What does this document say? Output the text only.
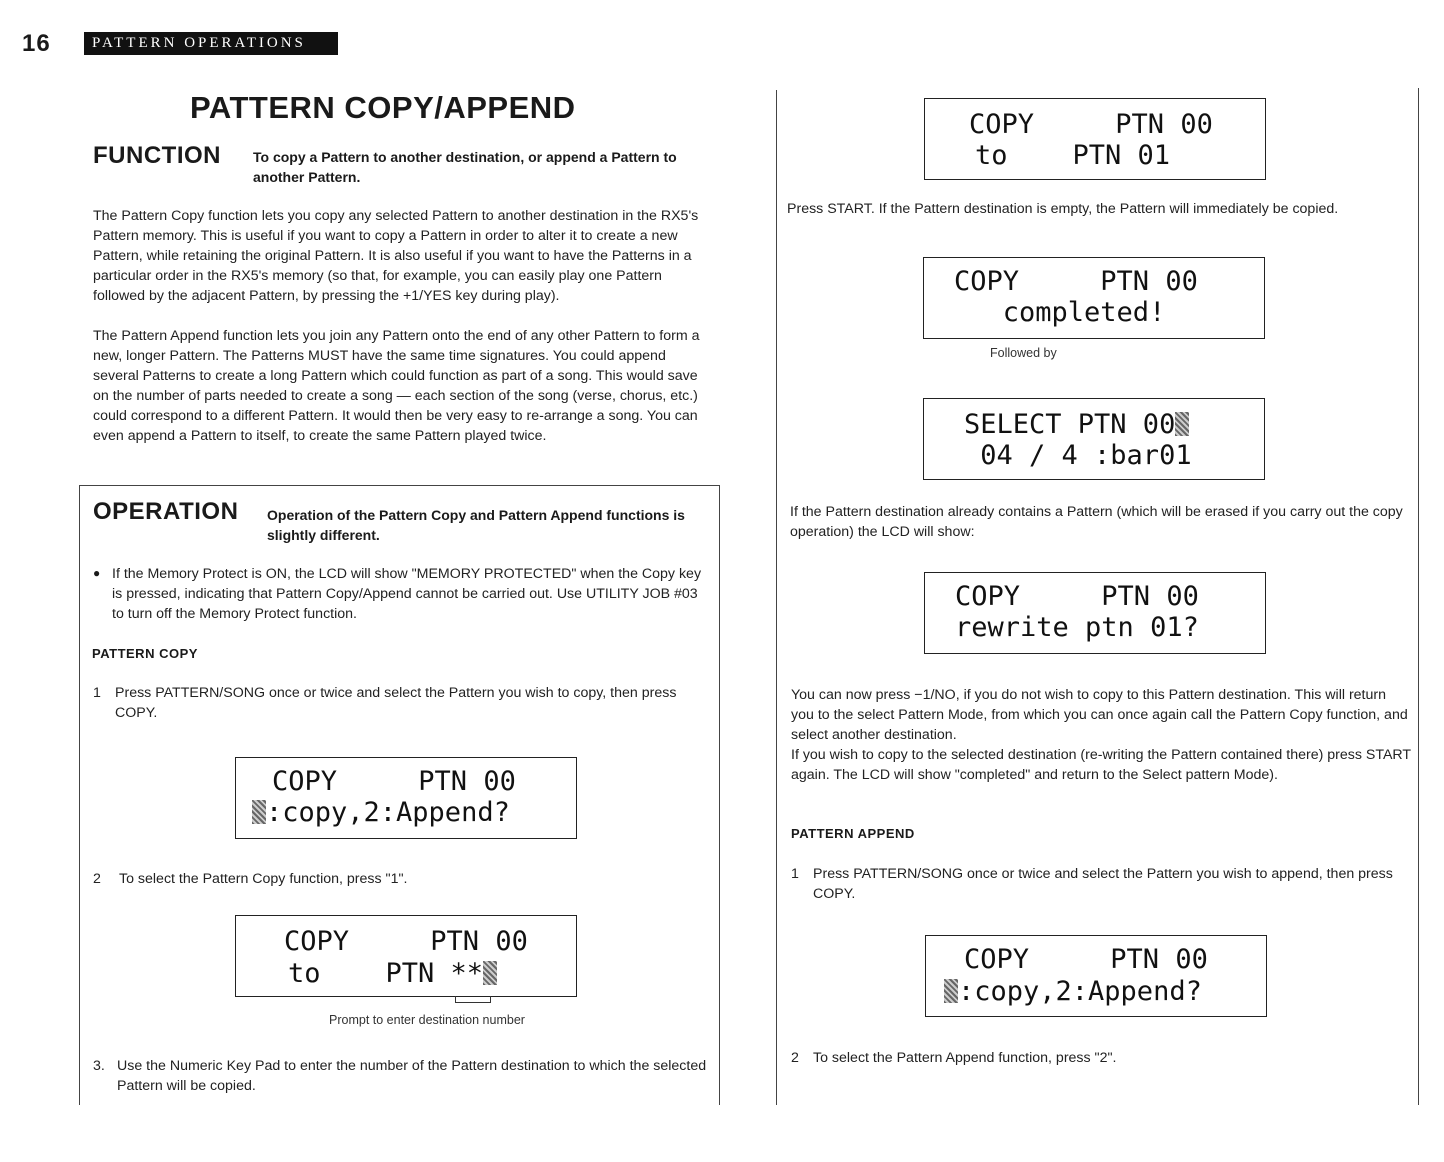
16	PATTERN OPERATIONS
PATTERN COPY/APPEND
FUNCTION To copy a Pattern to another destination, or append a Pattern to another Pattern.
The Pattern Copy function lets you copy any selected Pattern to another destination in the RX5's Pattern memory. This is useful if you want to copy a Pattern in order to alter it to create a new Pattern, while retaining the original Pattern. It is also useful if you want to have the Patterns in a particular order in the RX5's memory (so that, for example, you can easily play one Pattern followed by the adjacent Pattern, by pressing the +1/YES key during play).
The Pattern Append function lets you join any Pattern onto the end of any other Pattern to form a new, longer Pattern. The Patterns MUST have the same time signatures. You could append several Patterns to create a long Pattern which could function as part of a song. This would save on the number of parts needed to create a song — each section of the song (verse, chorus, etc.) could correspond to a different Pattern. It would then be very easy to re-arrange a song. You can even append a Pattern to itself, to create the same Pattern played twice.
OPERATION Operation of the Pattern Copy and Pattern Append functions is slightly different.
● If the Memory Protect is ON, the LCD will show "MEMORY PROTECTED" when the Copy key is pressed, indicating that Pattern Copy/Append cannot be carried out. Use UTILITY JOB #03 to turn off the Memory Protect function.
PATTERN COPY
1 Press PATTERN/SONG once or twice and select the Pattern you wish to copy, then press COPY.

COPY     PTN 00

:copy,2:Append?

2 To select the Pattern Copy function, press "1".

COPY     PTN 00

to    PTN **

Prompt to enter destination number
3. Use the Numeric Key Pad to enter the number of the Pattern destination to which the selected Pattern will be copied.

COPY     PTN 00

to    PTN 01

Press START. If the Pattern destination is empty, the Pattern will immediately be copied.

COPY     PTN 00

completed!

Followed by

SELECT PTN 00

04 / 4 :bar01

If the Pattern destination already contains a Pattern (which will be erased if you carry out the copy operation) the LCD will show:

COPY     PTN 00

rewrite ptn 01?

You can now press −1/NO, if you do not wish to copy to this Pattern destination. This will return you to the select Pattern Mode, from which you can once again call the Pattern Copy function, and select another destination.
If you wish to copy to the selected destination (re-writing the Pattern contained there) press START again. The LCD will show "completed" and return to the Select pattern Mode).
PATTERN APPEND
1 Press PATTERN/SONG once or twice and select the Pattern you wish to append, then press COPY.

COPY     PTN 00

:copy,2:Append?

2 To select the Pattern Append function, press "2".
